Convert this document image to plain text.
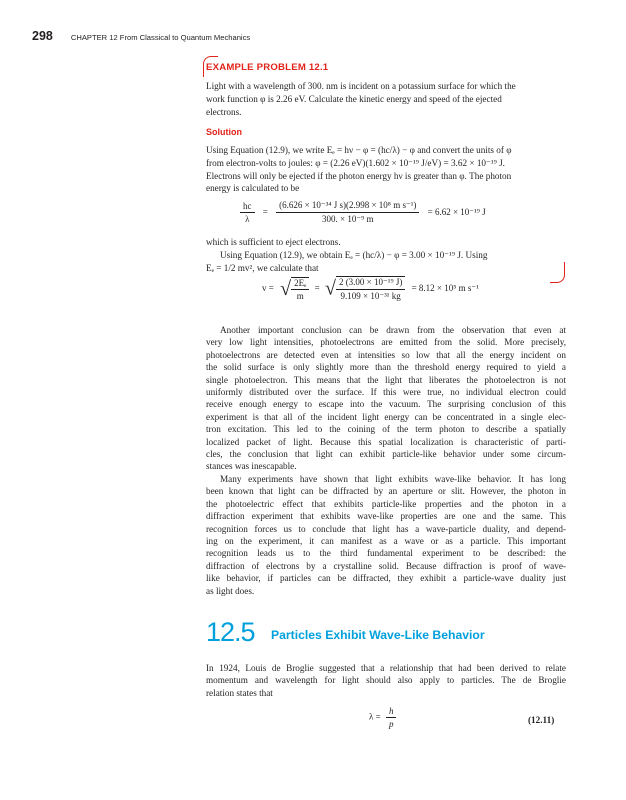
298 CHAPTER 12 From Classical to Quantum Mechanics
EXAMPLE PROBLEM 12.1
Light with a wavelength of 300. nm is incident on a potassium surface for which the
work function φ is 2.26 eV. Calculate the kinetic energy and speed of the ejected
electrons.
Solution
Using Equation (12.9), we write Eₑ = hν − φ = (hc/λ) − φ and convert the units of φ
from electron-volts to joules: φ = (2.26 eV)(1.602 × 10⁻¹⁹ J/eV) = 3.62 × 10⁻¹⁹ J.
Electrons will only be ejected if the photon energy hν is greater than φ. The photon
energy is calculated to be
$\frac{hc}{\lambda} = \frac{\text{(6.626 × 10⁻³⁴ J s)(2.998 × 10⁸ m s⁻¹)}}{\text{300. × 10⁻⁹ m}} = 6.62 \times 10^{-19}$ J
which is sufficient to eject electrons.
Using Equation (12.9), we obtain Eₑ = (hc/λ) − φ = 3.00 × 10⁻¹⁹ J. Using
Eₑ = 1/2 mv², we calculate that
v = √ $\frac{\text{2Eₑ}}{m}$ = √ $\frac{\text{2 (3.00 × 10⁻¹⁹ J)}}{\text{9.109 × 10⁻³¹ kg}} = 8.12 \times 10^5$ m s⁻¹
Another important conclusion can be drawn from the observation that even at
very low light intensities, photoelectrons are emitted from the solid. More precisely,
photoelectrons are detected even at intensities so low that all the energy incident on
the solid surface is only slightly more than the threshold energy required to yield a
single photoelectron. This means that the light that liberates the photoelectron is not
uniformly distributed over the surface. If this were true, no individual electron could
receive enough energy to escape into the vacuum. The surprising conclusion of this
experiment is that all of the incident light energy can be concentrated in a single elec-
tron excitation. This led to the coining of the term photon to describe a spatially
localized packet of light. Because this spatial localization is characteristic of parti-
cles, the conclusion that light can exhibit particle-like behavior under some circum-
stances was inescapable.
Many experiments have shown that light exhibits wave-like behavior. It has long
been known that light can be diffracted by an aperture or slit. However, the photon in
the photoelectric effect that exhibits particle-like properties and the photon in a
diffraction experiment that exhibits wave-like properties are one and the same. This
recognition forces us to conclude that light has a wave-particle duality, and depend-
ing on the experiment, it can manifest as a wave or as a particle. This important
recognition leads us to the third fundamental experiment to be described: the
diffraction of electrons by a crystalline solid. Because diffraction is proof of wave-
like behavior, if particles can be diffracted, they exhibit a particle-wave duality just
as light does.
12.5 Particles Exhibit Wave-Like Behavior
In 1924, Louis de Broglie suggested that a relationship that had been derived to relate
momentum and wavelength for light should also apply to particles. The de Broglie
relation states that
$\lambda = \frac{h}{p}$	(12.11)
